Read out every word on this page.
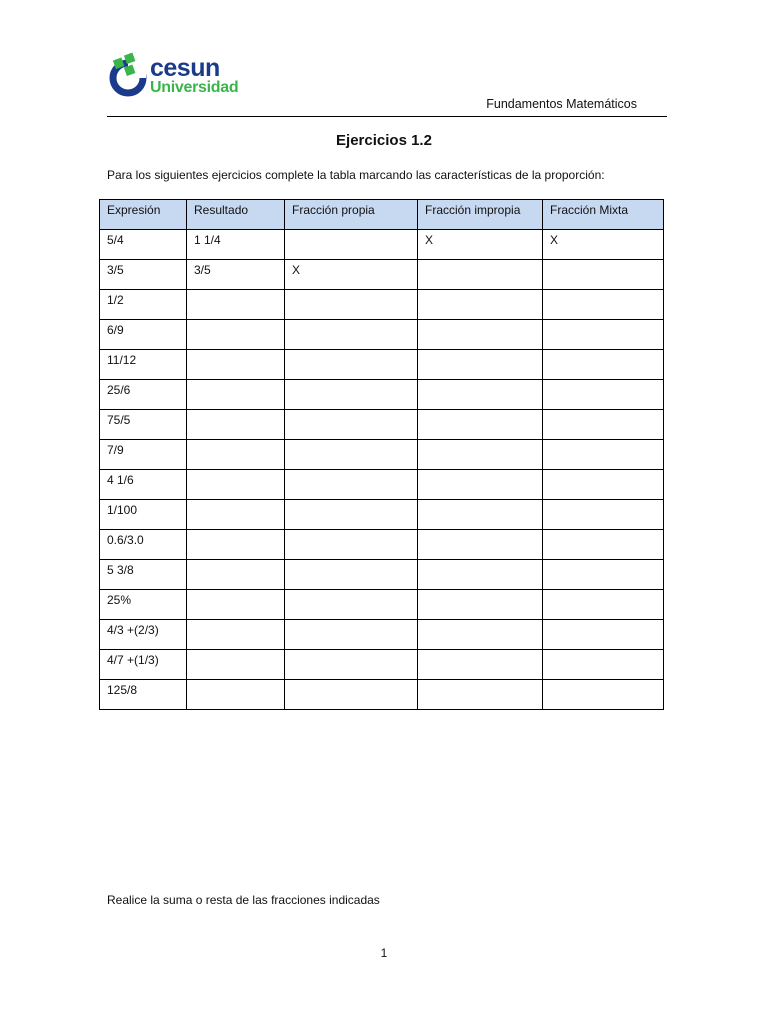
cesun
Universidad
Fundamentos Matemáticos
Ejercicios 1.2
Para los siguientes ejercicios complete la tabla marcando las características de la proporción:
Expresión	Resultado	Fracción propia	Fracción impropia	Fracción Mixta
5/4	1 1/4		X	X
3/5	3/5	X		
1/2				
6/9				
11/12				
25/6				
75/5				
7/9				
4 1/6				
1/100				
0.6/3.0				
5 3/8				
25%				
4/3 +(2/3)				
4/7 +(1/3)				
125/8				
Realice la suma o resta de las fracciones indicadas
1
